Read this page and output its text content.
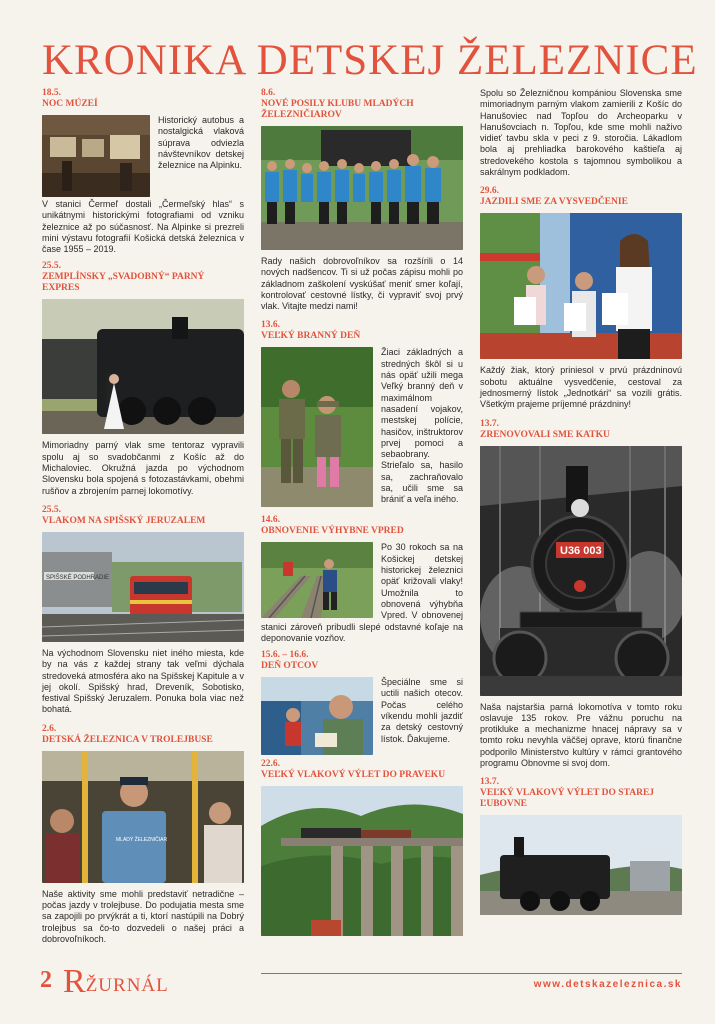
KRONIKA DETSKEJ ŽELEZNICE
18.5.
NOC MÚZEÍ
Historický autobus a nostalgická vlaková súprava odviezla návštevníkov detskej železnice na Alpinku.
V stanici Čermeľ dostali „Čermeľský hlas“ s unikátnymi historickými fotografiami od vzniku železnice až po súčasnosť. Na Alpinke si prezreli mini výstavu fotografií Košická detská železnica v čase 1955 – 2019.
25.5.
ZEMPLÍNSKY „SVADOBNÝ“ PARNÝ EXPRES
Mimoriadny parný vlak sme tentoraz vypravili spolu aj so svadobčanmi z Košíc až do Michaloviec. Okružná jazda po východnom Slovensku bola spojená s fotozastávkami, obehmi rušňov a zbrojením parnej lokomotívy.
25.5.
VLAKOM NA SPIŠSKÝ JERUZALEM
SPIŠSKÉ PODHRADIE
Na východnom Slovensku niet iného miesta, kde by na vás z každej strany tak veľmi dýchala stredoveká atmosféra ako na Spišskej Kapitule a v jej okolí. Spišský hrad, Dreveník, Sobotisko, festival Spišský Jeruzalem. Ponuka bola viac než bohatá.
2.6.
DETSKÁ ŽELEZNICA V TROLEJBUSE
MLADÝ ŽELEZNIČIAR
Naše aktivity sme mohli predstaviť netradične – počas jazdy v trolejbuse. Do podujatia mesta sme sa zapojili po prvýkrát a ti, ktorí nastúpili na Dobrý trolejbus sa čo-to dozvedeli o našej práci a dobrovoľníkoch.
8.6.
NOVÉ POSILY KLUBU MLADÝCH ŽELEZNIČIAROV
Rady našich dobrovoľníkov sa rozšírili o 14 nových nadšencov. Ti si už počas zápisu mohli po základnom zaškolení vyskúšať meniť smer koľají, kontrolovať cestovné lístky, či vypraviť svoj prvý vlak. Vitajte medzi nami!
13.6.
VEĽKÝ BRANNÝ DEŇ
Žiaci základných a stredných škôl si u nás opäť užili mega Veľký branný deň v maximálnom nasadení vojakov, mestskej polície, hasičov, inštruktorov prvej pomoci a sebaobrany. Strieľalo sa, hasilo sa, zachraňovalo sa, učili sme sa brániť a veľa iného.
14.6.
OBNOVENIE VÝHYBNE VPRED
Po 30 rokoch sa na Košickej detskej historickej železnici opäť križovali vlaky! Umožnila to obnovená výhybňa Vpred. V obnovenej stanici zároveň pribudli slepé odstavné koľaje na deponovanie vozňov.
15.6. – 16.6.
DEŇ OTCOV
Špeciálne sme si uctili našich otecov. Počas celého víkendu mohli jazdiť za detský cestovný lístok. Ďakujeme.
22.6.
VEĽKÝ VLAKOVÝ VÝLET DO PRAVEKU
Spolu so Železničnou kompániou Slovenska sme mimoriadnym parným vlakom zamierili z Košíc do Hanušoviec nad Topľou do Archeoparku v Hanušovciach n. Topľou, kde sme mohli naživo vidieť tavbu skla v peci z 9. storočia. Lákadlom bola aj prehliadka barokového kaštieľa aj stredovekého kostola s tajomnou symbolikou a sakrálnym podkladom.
29.6.
JAZDILI SME ZA VYSVEDČENIE
Každý žiak, ktorý priniesol v prvú prázdninovú sobotu aktuálne vysvedčenie, cestoval za jednosmerný lístok „Jednotkári“ sa vozili grátis. Všetkým prajeme príjemné prázdniny!
13.7.
ZRENOVOVALI SME KATKU
U36 003
Naša najstaršia parná lokomotíva v tomto roku oslavuje 135 rokov. Pre vážnu poruchu na protikluke a mechanizme hnacej nápravy sa v tomto roku nevyhla väčšej oprave, ktorú finančne podporilo Ministerstvo kultúry v rámci grantového programu Obnovme si svoj dom.
13.7.
VEĽKÝ VLAKOVÝ VÝLET DO STAREJ ĽUBOVNE
2 R ŽURNÁL	www.detskazeleznica.sk
